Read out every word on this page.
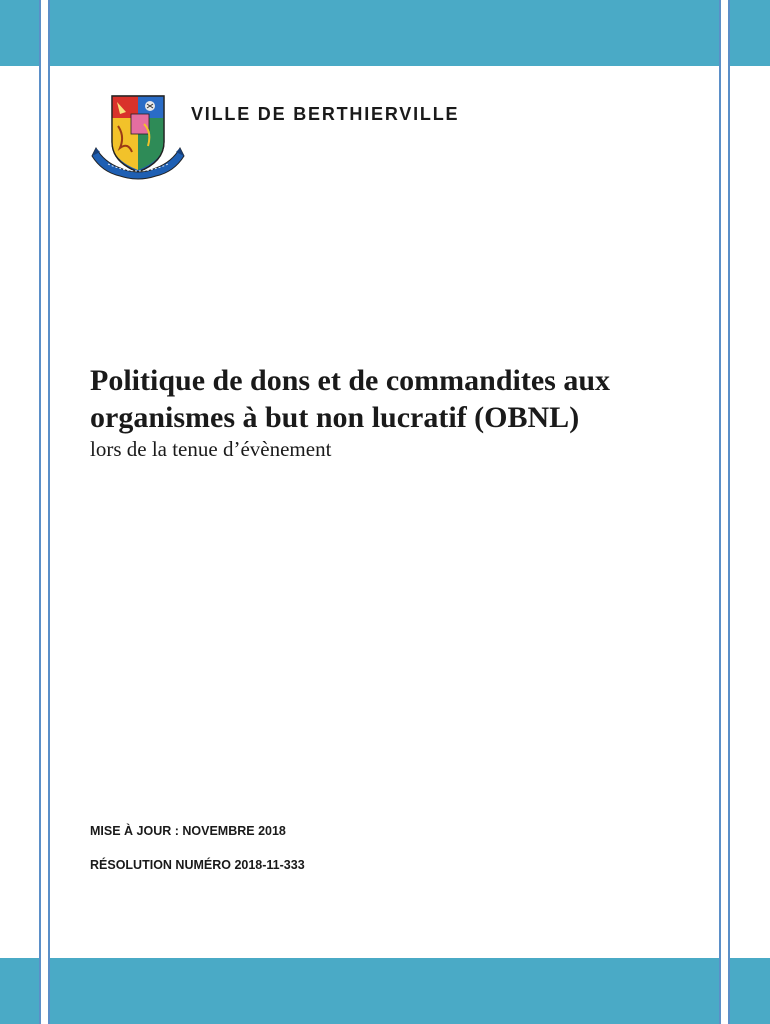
VILLE DE BERTHIERVILLE
Politique de dons et de commandites aux
organismes à but non lucratif (OBNL)
lors de la tenue d’évènement
MISE À JOUR : NOVEMBRE 2018
RÉSOLUTION NUMÉRO 2018-11-333
